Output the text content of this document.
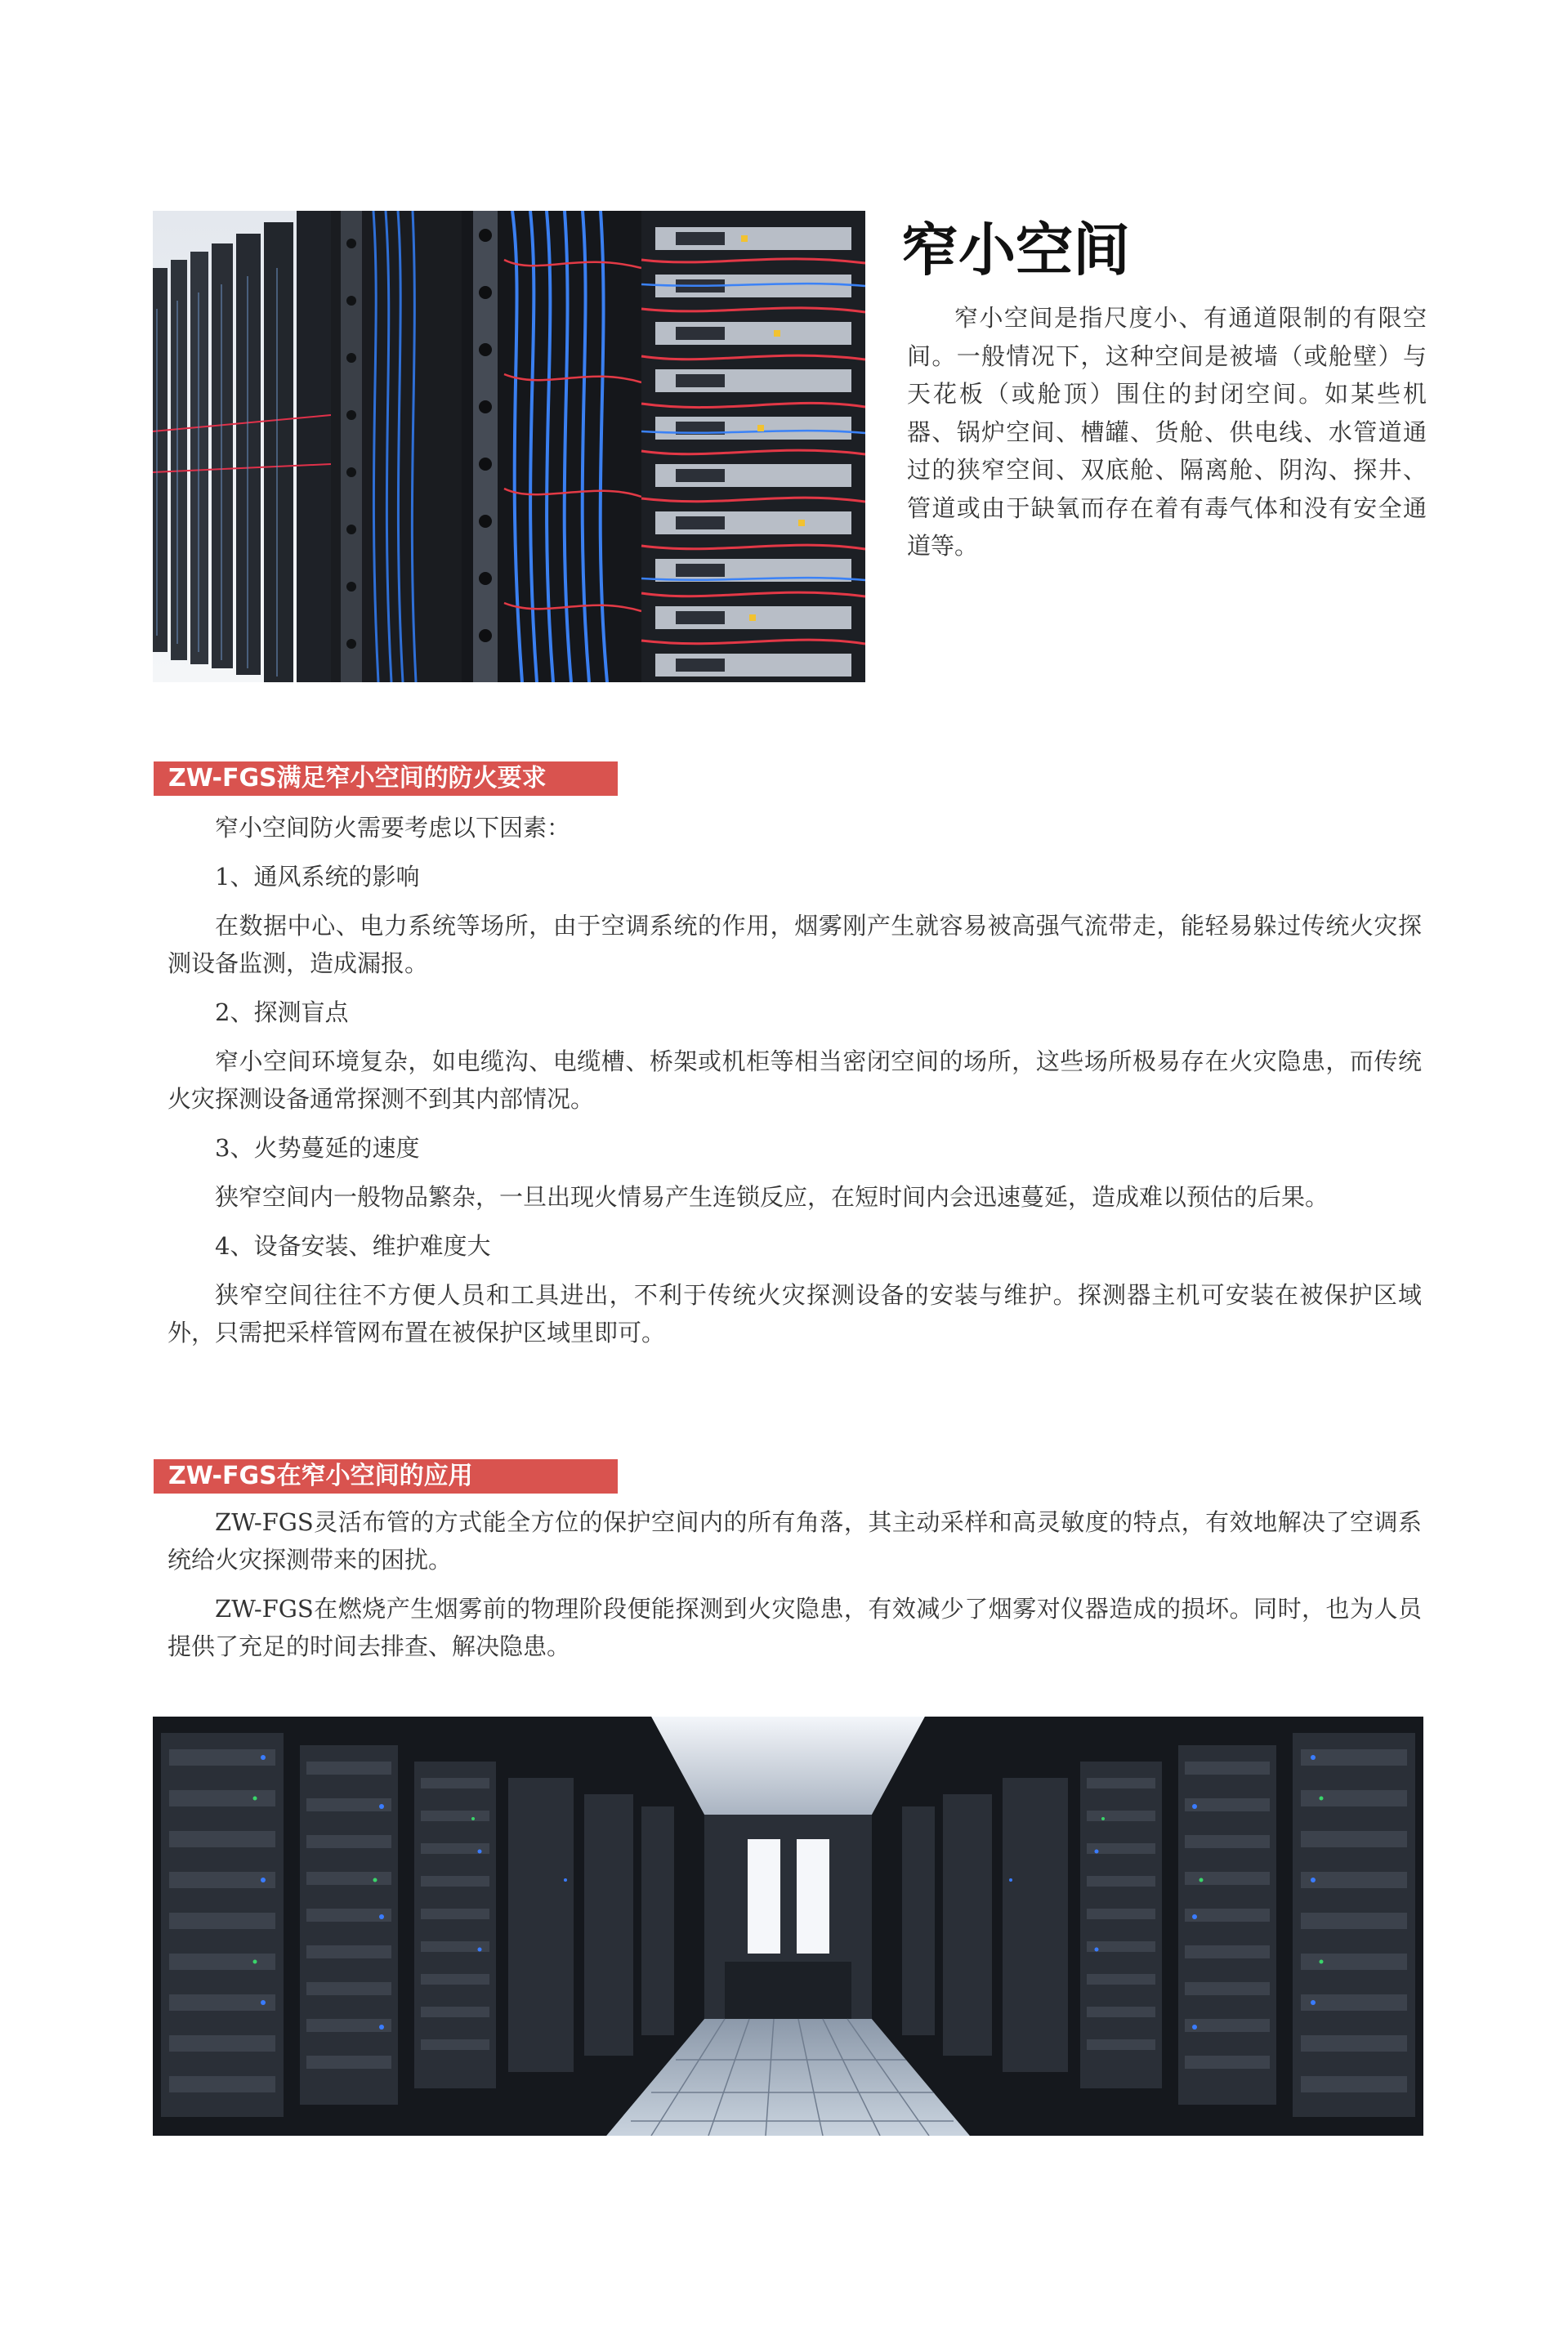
窄小空间

窄小空间是指尺度小、有通道限制的有限空间。一般情况下，这种空间是被墙（或舱壁）与天花板（或舱顶）围住的封闭空间。如某些机器、锅炉空间、槽罐、货舱、供电线、水管道通过的狭窄空间、双底舱、隔离舱、阴沟、探井、管道或由于缺氧而存在着有毒气体和没有安全通道等。

ZW-FGS满足窄小空间的防火要求

窄小空间防火需要考虑以下因素：

1、通风系统的影响

在数据中心、电力系统等场所，由于空调系统的作用，烟雾刚产生就容易被高强气流带走，能轻易躲过传统火灾探测设备监测，造成漏报。

2、探测盲点

窄小空间环境复杂，如电缆沟、电缆槽、桥架或机柜等相当密闭空间的场所，这些场所极易存在火灾隐患，而传统火灾探测设备通常探测不到其内部情况。

3、火势蔓延的速度

狭窄空间内一般物品繁杂，一旦出现火情易产生连锁反应，在短时间内会迅速蔓延，造成难以预估的后果。

4、设备安装、维护难度大

狭窄空间往往不方便人员和工具进出，不利于传统火灾探测设备的安装与维护。探测器主机可安装在被保护区域外，只需把采样管网布置在被保护区域里即可。

ZW-FGS在窄小空间的应用

ZW-FGS灵活布管的方式能全方位的保护空间内的所有角落，其主动采样和高灵敏度的特点，有效地解决了空调系统给火灾探测带来的困扰。

ZW-FGS在燃烧产生烟雾前的物理阶段便能探测到火灾隐患，有效减少了烟雾对仪器造成的损坏。同时，也为人员提供了充足的时间去排查、解决隐患。
